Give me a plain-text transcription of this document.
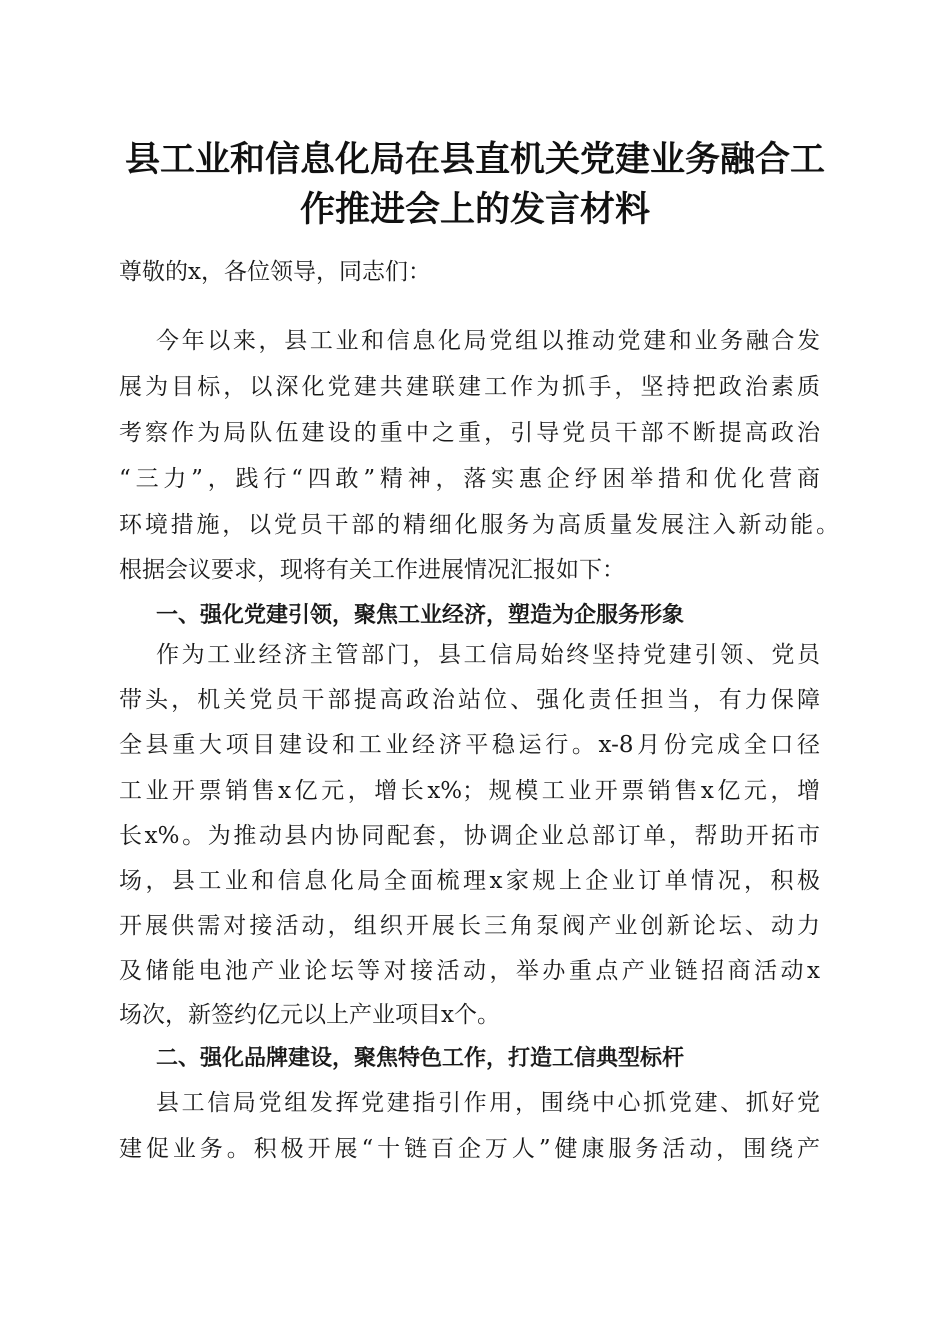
县工业和信息化局在县直机关党建业务融合工
作推进会上的发言材料

尊敬的x，各位领导，同志们：

今年以来，县工业和信息化局党组以推动党建和业务融合发

展为目标，以深化党建共建联建工作为抓手，坚持把政治素质

考察作为局队伍建设的重中之重，引导党员干部不断提高政治

“三力”，践行“四敢”精神，落实惠企纾困举措和优化营商

环境措施，以党员干部的精细化服务为高质量发展注入新动能。

根据会议要求，现将有关工作进展情况汇报如下：

一、强化党建引领，聚焦工业经济，塑造为企服务形象

作为工业经济主管部门，县工信局始终坚持党建引领、党员

带头，机关党员干部提高政治站位、强化责任担当，有力保障

全县重大项目建设和工业经济平稳运行。x-8月份完成全口径

工业开票销售x亿元，增长x%；规模工业开票销售x亿元，增

长x%。为推动县内协同配套，协调企业总部订单，帮助开拓市

场，县工业和信息化局全面梳理x家规上企业订单情况，积极

开展供需对接活动，组织开展长三角泵阀产业创新论坛、动力

及储能电池产业论坛等对接活动，举办重点产业链招商活动x

场次，新签约亿元以上产业项目x个。

二、强化品牌建设，聚焦特色工作，打造工信典型标杆

县工信局党组发挥党建指引作用，围绕中心抓党建、抓好党

建促业务。积极开展“十链百企万人”健康服务活动，围绕产
